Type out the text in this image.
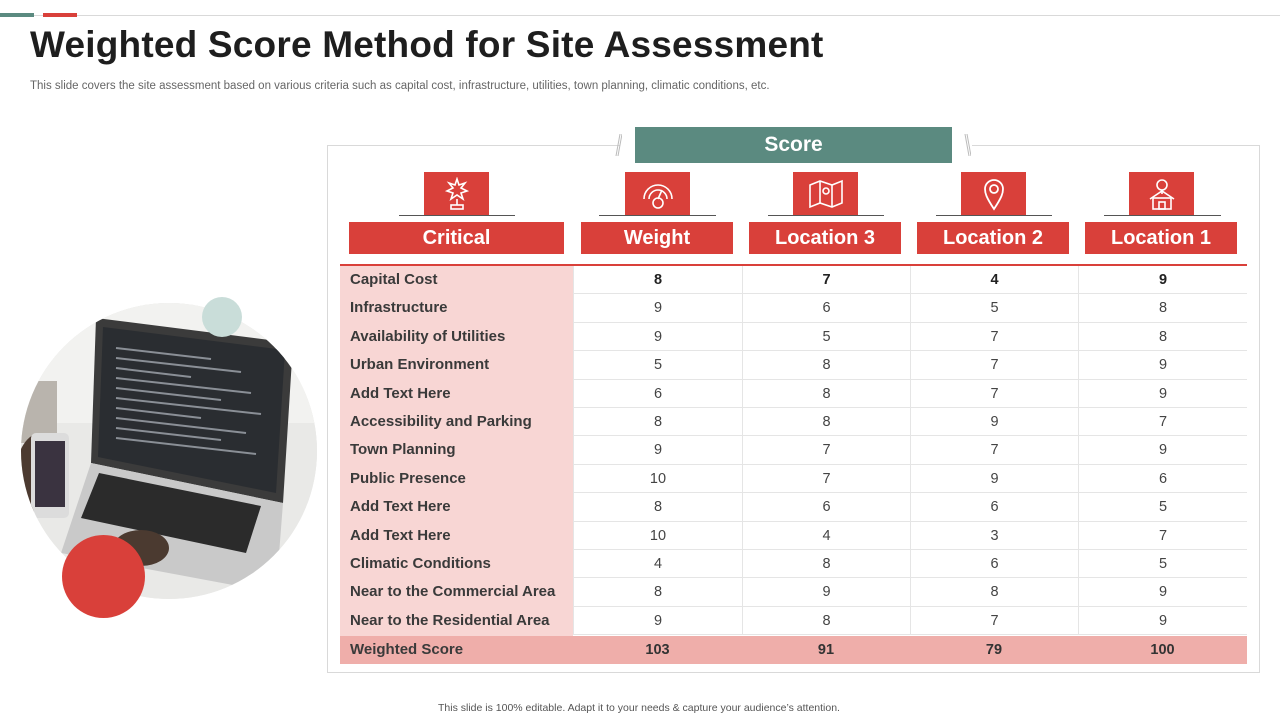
Weighted Score Method for Site Assessment
This slide covers the site assessment based on various criteria such as capital cost, infrastructure, utilities, town planning, climatic conditions, etc.
Score
Critical	Weight	Location 3	Location 2	Location 1
Capital Cost	8	7	4	9
Infrastructure	9	6	5	8
Availability of Utilities	9	5	7	8
Urban Environment	5	8	7	9
Add Text Here	6	8	7	9
Accessibility and Parking	8	8	9	7
Town Planning	9	7	7	9
Public Presence	10	7	9	6
Add Text Here	8	6	6	5
Add Text Here	10	4	3	7
Climatic Conditions	4	8	6	5
Near to the Commercial Area	8	9	8	9
Near to the Residential Area	9	8	7	9
Weighted Score	103	91	79	100
This slide is 100% editable. Adapt it to your needs & capture your audience’s attention.
